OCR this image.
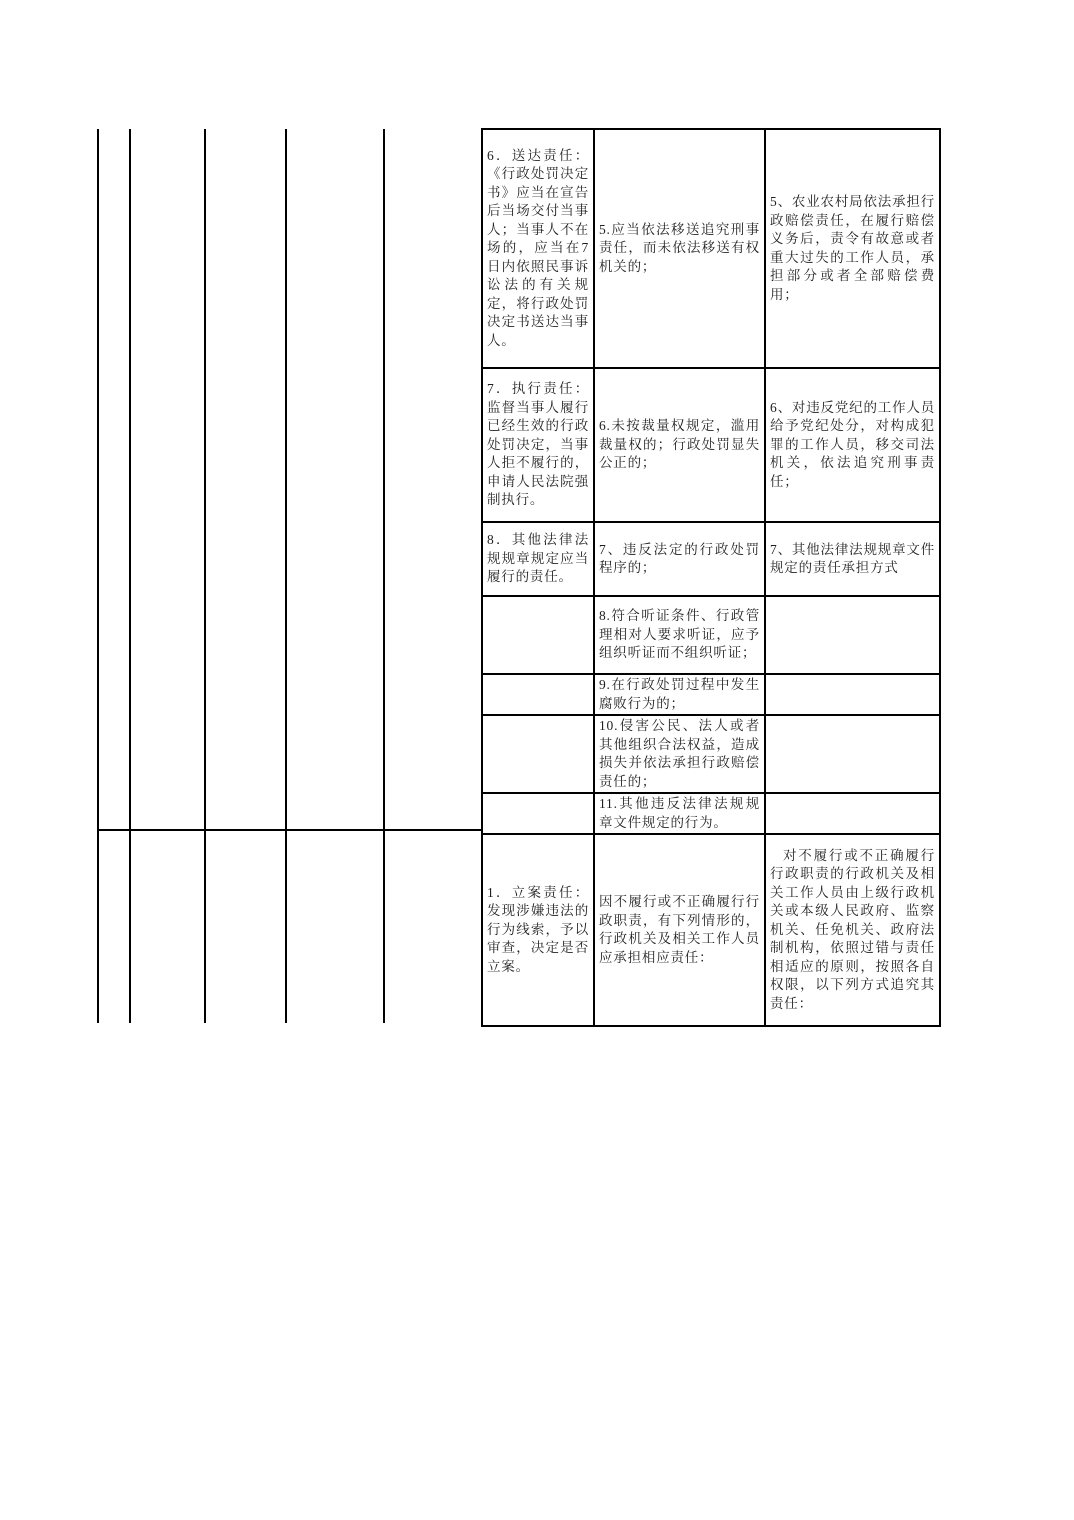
6．送达责任：《行政处罚决定书》应当在宣告后当场交付当事人；当事人不在场的，应当在7日内依照民事诉讼法的有关规定，将行政处罚决定书送达当事人。	5.应当依法移送追究刑事责任，而未依法移送有权机关的；	5、农业农村局依法承担行政赔偿责任，在履行赔偿义务后，责令有故意或者重大过失的工作人员，承担部分或者全部赔偿费用；
7．执行责任：监督当事人履行已经生效的行政处罚决定，当事人拒不履行的，申请人民法院强制执行。	6.未按裁量权规定，滥用裁量权的；行政处罚显失公正的；	6、对违反党纪的工作人员给予党纪处分，对构成犯罪的工作人员，移交司法机关，依法追究刑事责任；
8．其他法律法规规章规定应当履行的责任。	7、违反法定的行政处罚程序的；	7、其他法律法规规章文件规定的责任承担方式
	8.符合听证条件、行政管理相对人要求听证，应予组织听证而不组织听证；	
	9.在行政处罚过程中发生腐败行为的；	
	10.侵害公民、法人或者其他组织合法权益，造成损失并依法承担行政赔偿责任的；	
	11.其他违反法律法规规章文件规定的行为。	
1．立案责任：发现涉嫌违法的行为线索，予以审查，决定是否立案。	因不履行或不正确履行行政职责，有下列情形的，行政机关及相关工作人员应承担相应责任：	对不履行或不正确履行行政职责的行政机关及相关工作人员由上级行政机关或本级人民政府、监察机关、任免机关、政府法制机构，依照过错与责任相适应的原则，按照各自权限，以下列方式追究其责任：
